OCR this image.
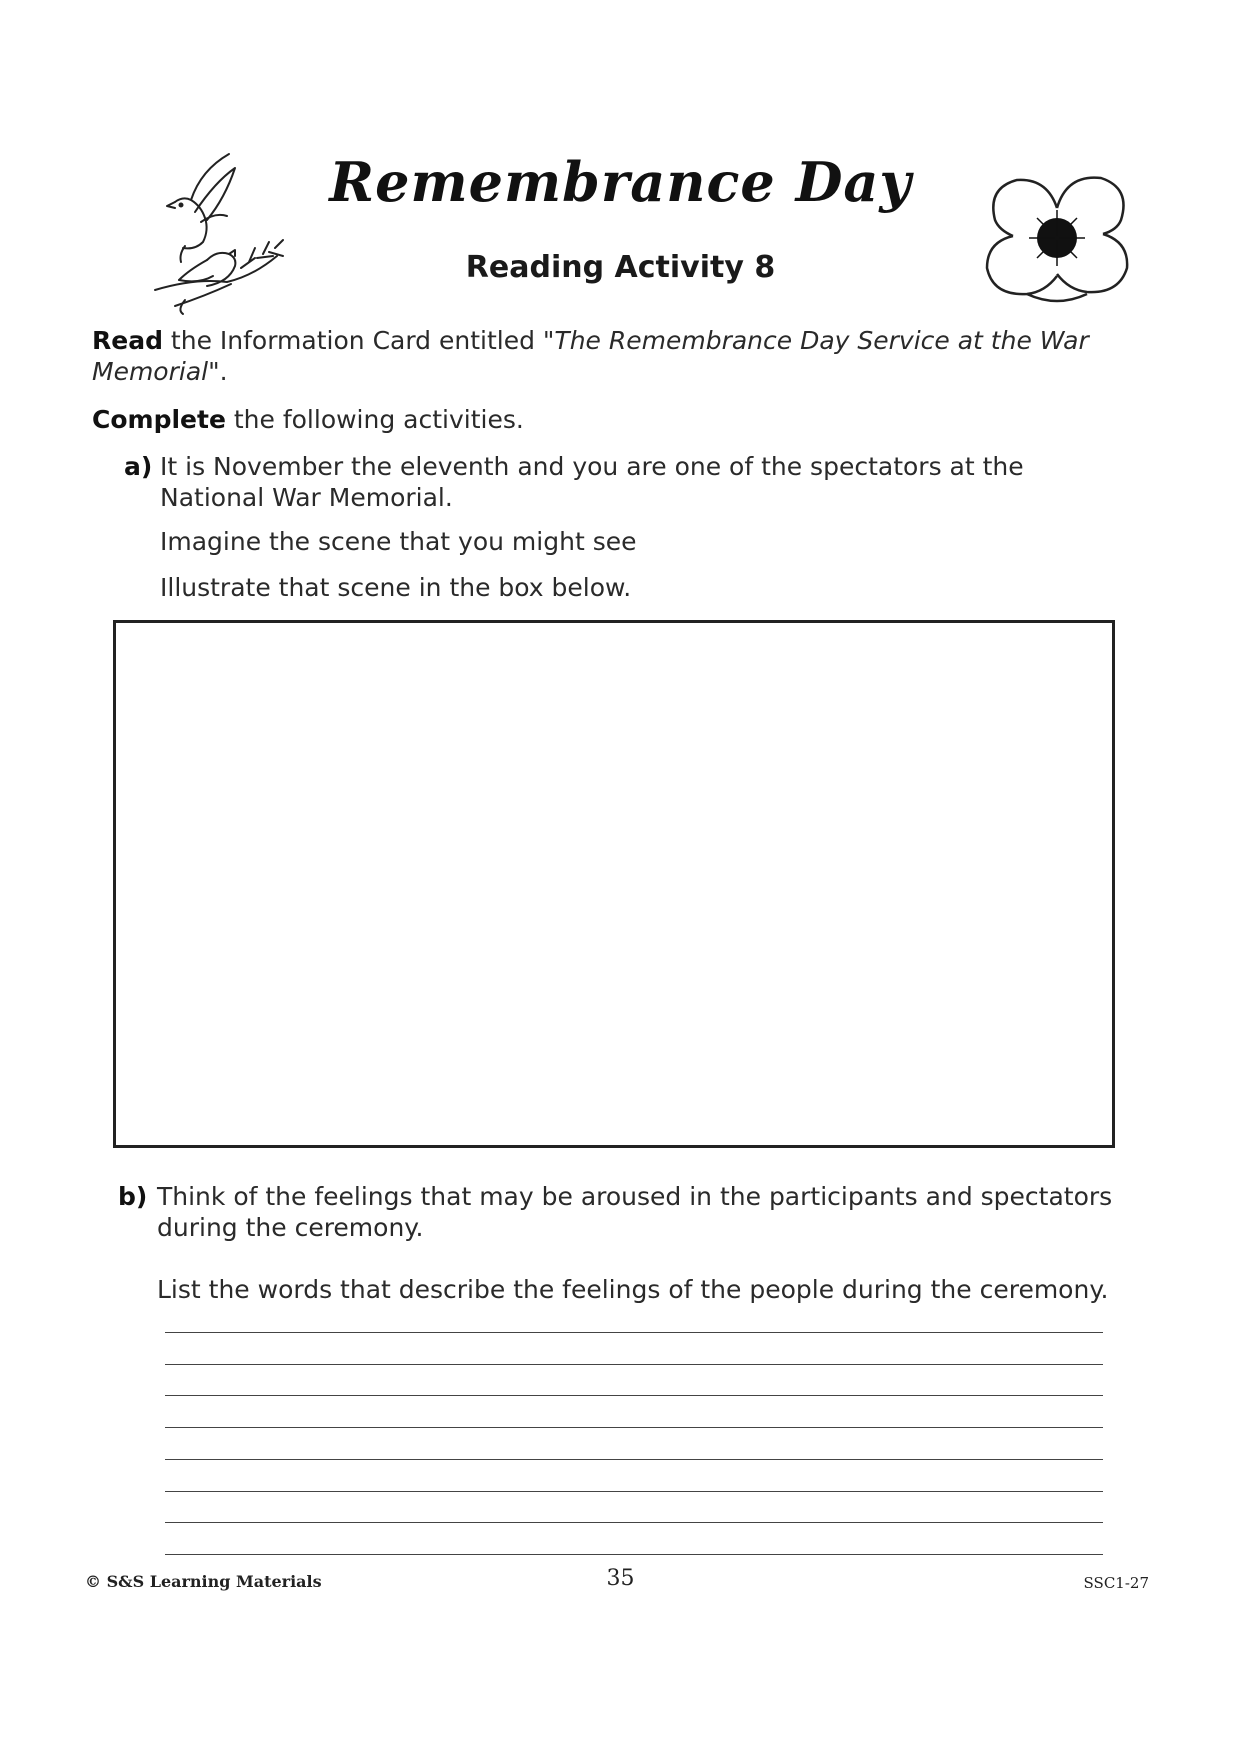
Remembrance Day
Reading Activity 8
Read the Information Card entitled "The Remembrance Day Service at the War Memorial".
Complete the following activities.
a) It is November the eleventh and you are one of the spectators at the National War Memorial.
Imagine the scene that you might see
Illustrate that scene in the box below.
b) Think of the feelings that may be aroused in the participants and spectators during the ceremony.
List the words that describe the feelings of the people during the ceremony.
© S&S Learning Materials	35	SSC1-27
